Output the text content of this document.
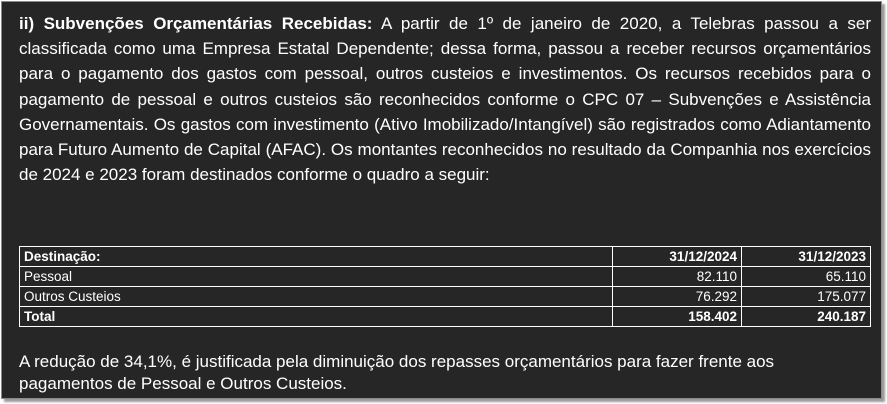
ii) Subvenções Orçamentárias Recebidas: A partir de 1º de janeiro de 2020, a Telebras passou a ser classificada como uma Empresa Estatal Dependente; dessa forma, passou a receber recursos orçamentários para o pagamento dos gastos com pessoal, outros custeios e investimentos. Os recursos recebidos para o pagamento de pessoal e outros custeios são reconhecidos conforme o CPC 07 – Subvenções e Assistência Governamentais. Os gastos com investimento (Ativo Imobilizado/Intangível) são registrados como Adiantamento para Futuro Aumento de Capital (AFAC). Os montantes reconhecidos no resultado da Companhia nos exercícios de 2024 e 2023 foram destinados conforme o quadro a seguir:

Destinação:	31/12/2024	31/12/2023
Pessoal	82.110	65.110
Outros Custeios	76.292	175.077
Total	158.402	240.187

A redução de 34,1%, é justificada pela diminuição dos repasses orçamentários para fazer frente aos pagamentos de Pessoal e Outros Custeios.
